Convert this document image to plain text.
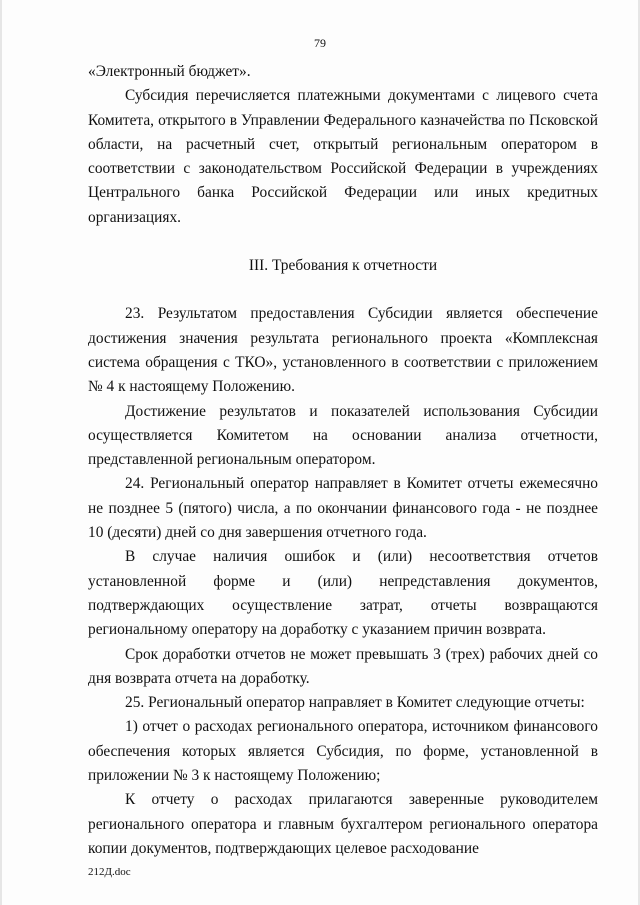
79

«Электронный бюджет».

Субсидия перечисляется платежными документами с лицевого счета Комитета, открытого в Управлении Федерального казначейства по Псковской области, на расчетный счет, открытый региональным оператором в соответствии с законодательством Российской Федерации в учреждениях Центрального банка Российской Федерации или иных кредитных организациях.

III. Требования к отчетности

23. Результатом предоставления Субсидии является обеспечение достижения значения результата регионального проекта «Комплексная система обращения с ТКО», установленного в соответствии с приложением № 4 к настоящему Положению.

Достижение результатов и показателей использования Субсидии осуществляется Комитетом на основании анализа отчетности, представленной региональным оператором.

24. Региональный оператор направляет в Комитет отчеты ежемесячно не позднее 5 (пятого) числа, а по окончании финансового года - не позднее 10 (десяти) дней со дня завершения отчетного года.

В случае наличия ошибок и (или) несоответствия отчетов установленной форме и (или) непредставления документов, подтверждающих осуществление затрат, отчеты возвращаются региональному оператору на доработку с указанием причин возврата.

Срок доработки отчетов не может превышать 3 (трех) рабочих дней со дня возврата отчета на доработку.

25. Региональный оператор направляет в Комитет следующие отчеты:

1) отчет о расходах регионального оператора, источником финансового обеспечения которых является Субсидия, по форме, установленной в приложении № 3 к настоящему Положению;

К отчету о расходах прилагаются заверенные руководителем регионального оператора и главным бухгалтером регионального оператора копии документов, подтверждающих целевое расходование

212Д.doc
